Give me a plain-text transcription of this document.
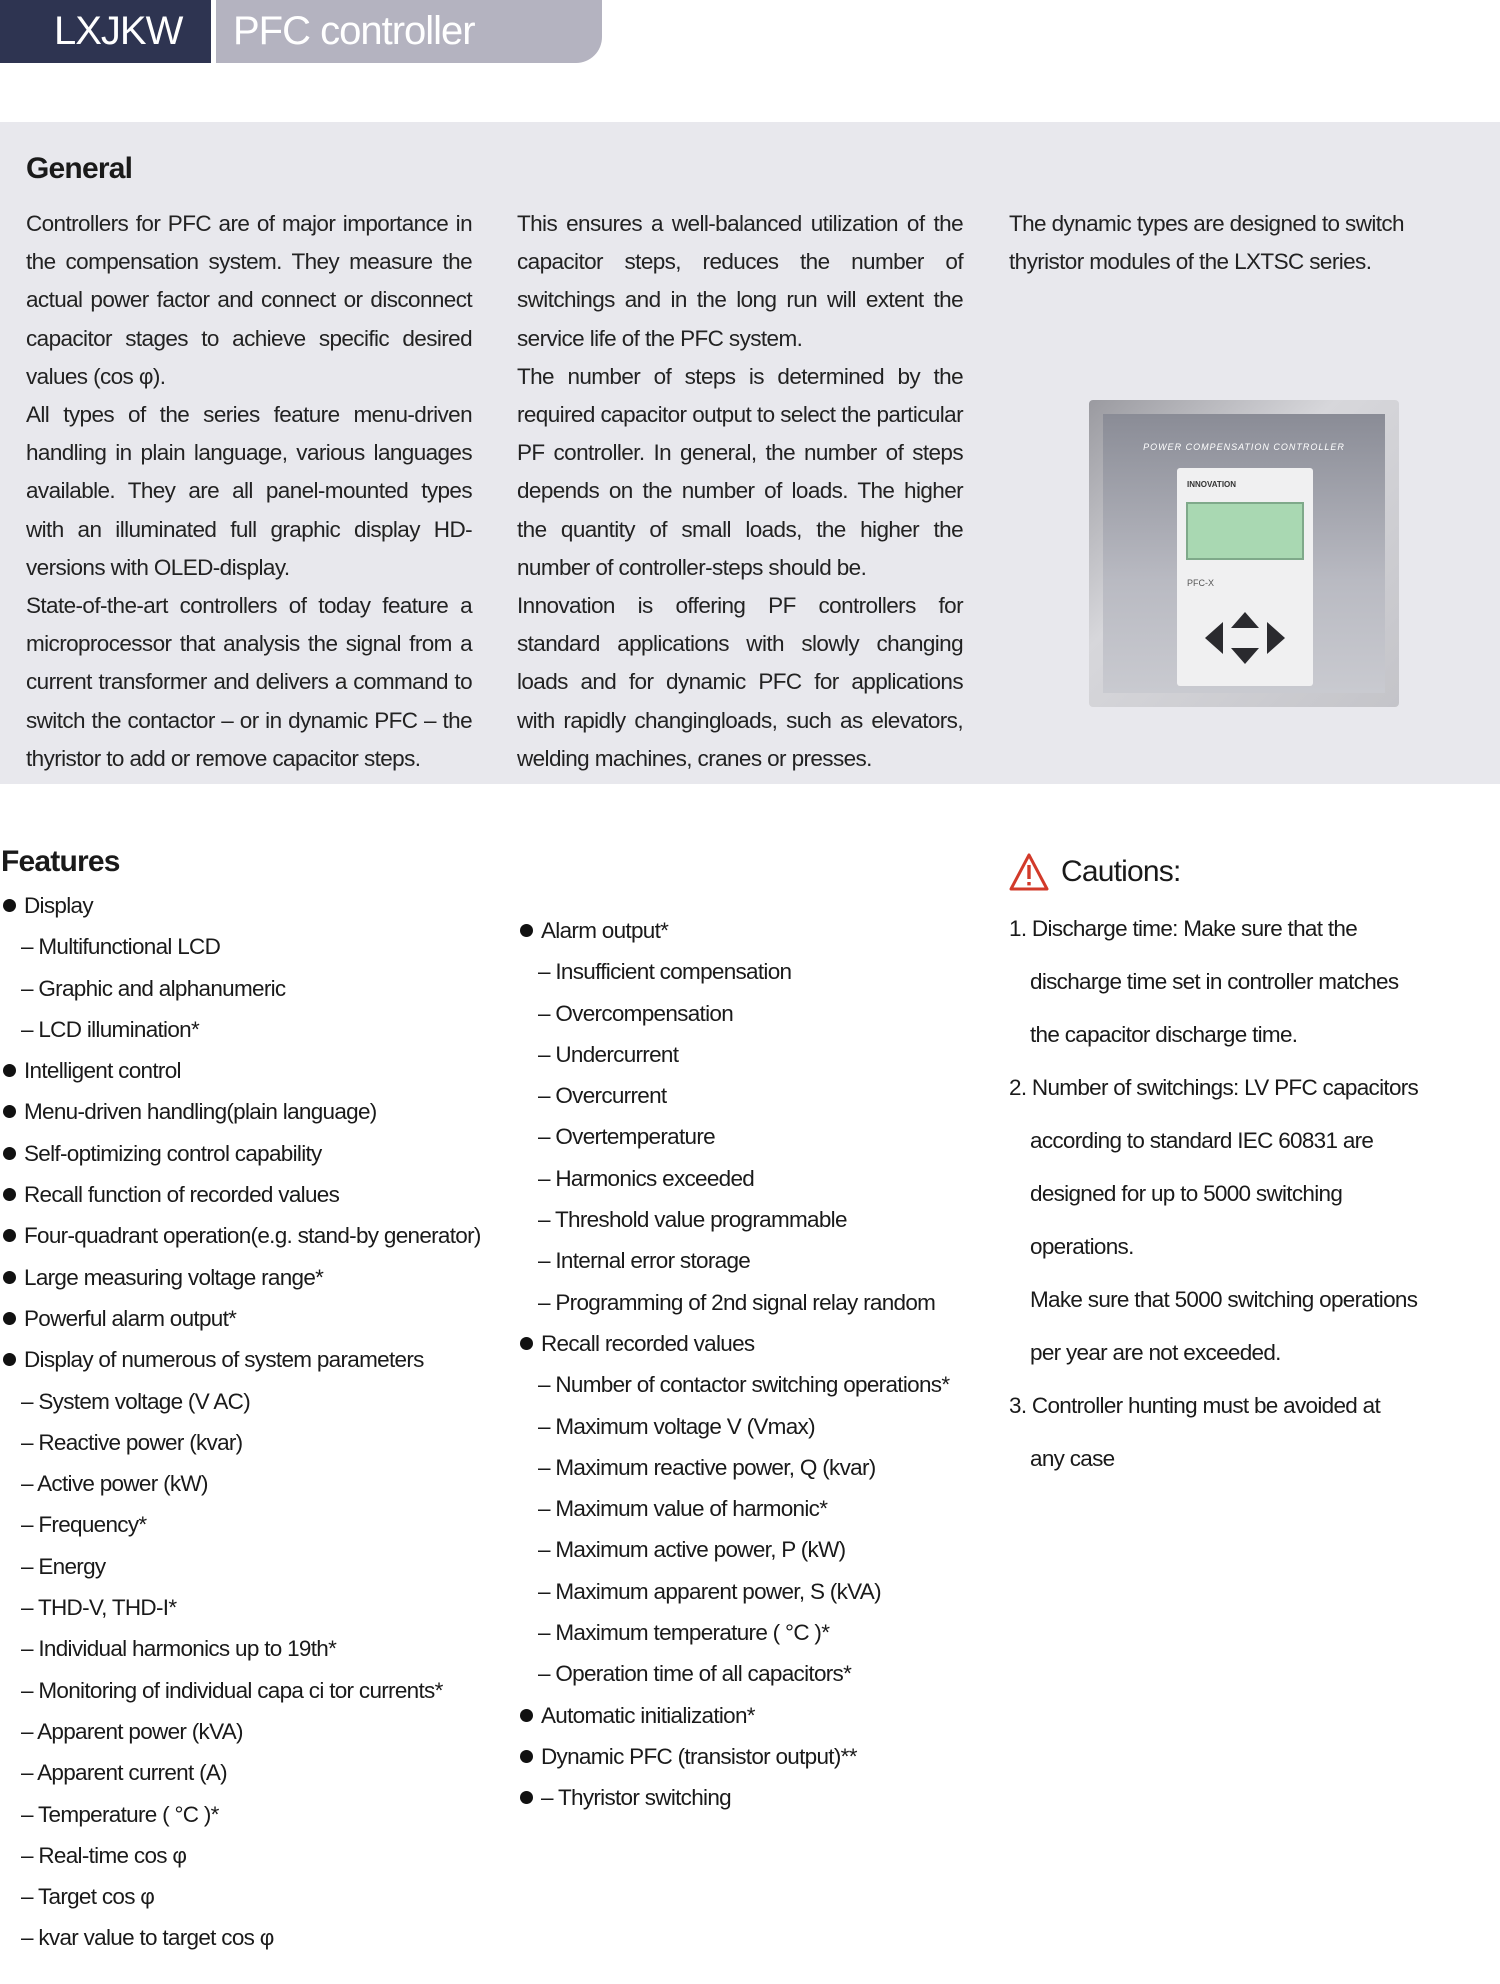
LXJKW	PFC controller
General

Controllers for PFC are of major importance in the compensation system. They measure the actual power factor and connect or disconnect capacitor stages to achieve specific desired values (cos φ).

All types of the series feature menu-driven handling in plain language, various languages available. They are all panel-mounted types with an illuminated full graphic display HD-versions with OLED-display.

State-of-the-art controllers of today feature a microprocessor that analysis the signal from a current transformer and delivers a command to switch the contactor – or in dynamic PFC – the thyristor to add or remove capacitor steps.

This ensures a well-balanced utilization of the capacitor steps, reduces the number of switchings and in the long run will extent the service life of the PFC system.

The number of steps is determined by the required capacitor output to select the particular PF controller. In general, the number of steps depends on the number of loads. The higher the quantity of small loads, the higher the number of controller-steps should be.

Innovation is offering PF controllers for standard applications with slowly changing loads and for dynamic PFC for applications with rapidly changingloads, such as elevators, welding machines, cranes or presses.

The dynamic types are designed to switch thyristor modules of the LXTSC series.

POWER COMPENSATION CONTROLLER
INNOVATION
PFC-X
Features
Display
– Multifunctional LCD
– Graphic and alphanumeric
– LCD illumination*
Intelligent control
Menu-driven handling(plain language)
Self-optimizing control capability
Recall function of recorded values
Four-quadrant operation(e.g. stand-by generator)
Large measuring voltage range*
Powerful alarm output*
Display of numerous of system parameters
– System voltage (V AC)
– Reactive power (kvar)
– Active power (kW)
– Frequency*
– Energy
– THD-V, THD-I*
– Individual harmonics up to 19th*
– Monitoring of individual capa ci tor currents*
– Apparent power (kVA)
– Apparent current (A)
– Temperature ( °C )*
– Real-time cos φ
– Target cos φ
– kvar value to target cos φ
Alarm output*
– Insufficient compensation
– Overcompensation
– Undercurrent
– Overcurrent
– Overtemperature
– Harmonics exceeded
– Threshold value programmable
– Internal error storage
– Programming of 2nd signal relay random
Recall recorded values
– Number of contactor switching operations*
– Maximum voltage V (Vmax)
– Maximum reactive power, Q (kvar)
– Maximum value of harmonic*
– Maximum active power, P (kW)
– Maximum apparent power, S (kVA)
– Maximum temperature ( °C )*
– Operation time of all capacitors*
Automatic initialization*
Dynamic PFC (transistor output)**
– Thyristor switching
Cautions:
1. Discharge time: Make sure that the
discharge time set in controller matches
the capacitor discharge time.
2. Number of switchings: LV PFC capacitors
according to standard IEC 60831 are
designed for up to 5000 switching
operations.
Make sure that 5000 switching operations
per year are not exceeded.
3. Controller hunting must be avoided at
any case
